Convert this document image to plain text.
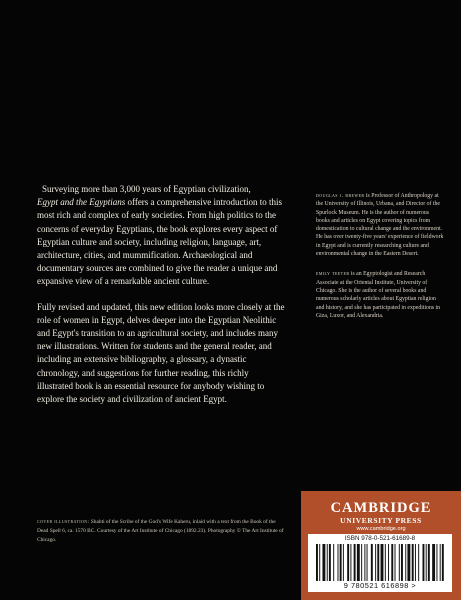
Surveying more than 3,000 years of Egyptian civilization,
Egypt and the Egyptians offers a comprehensive introduction to this most rich and complex of early societies. From high politics to the concerns of everyday Egyptians, the book explores every aspect of Egyptian culture and society, including religion, language, art, architecture, cities, and mummification. Archaeological and documentary sources are combined to give the reader a unique and expansive view of a remarkable ancient culture.

Fully revised and updated, this new edition looks more closely at the role of women in Egypt, delves deeper into the Egyptian Neolithic and Egypt's transition to an agricultural society, and includes many new illustrations. Written for students and the general reader, and including an extensive bibliography, a glossary, a dynastic chronology, and suggestions for further reading, this richly illustrated book is an essential resource for anybody wishing to explore the society and civilization of ancient Egypt.

cover illustration: Shabti of the Scribe of the God's Wife Kaheru, inlaid with a text from the Book of the Dead Spell 6, ca. 1570 BC. Courtesy of the Art Institute of Chicago (1892.23). Photography © The Art Institute of Chicago.

douglas j. brewer is Professor of Anthropology at the University of Illinois, Urbana, and Director of the Spurlock Museum. He is the author of numerous books and articles on Egypt covering topics from domestication to cultural change and the environment. He has over twenty-five years' experience of fieldwork in Egypt and is currently researching culture and environmental change in the Eastern Desert.

emily teeter is an Egyptologist and Research Associate at the Oriental Institute, University of Chicago. She is the author of several books and numerous scholarly articles about Egyptian religion and history, and she has participated in expeditions in Giza, Luxor, and Alexandria.

CAMBRIDGE
UNIVERSITY PRESS
www.cambridge.org
ISBN 978-0-521-61689-8
9 780521 616898 >
